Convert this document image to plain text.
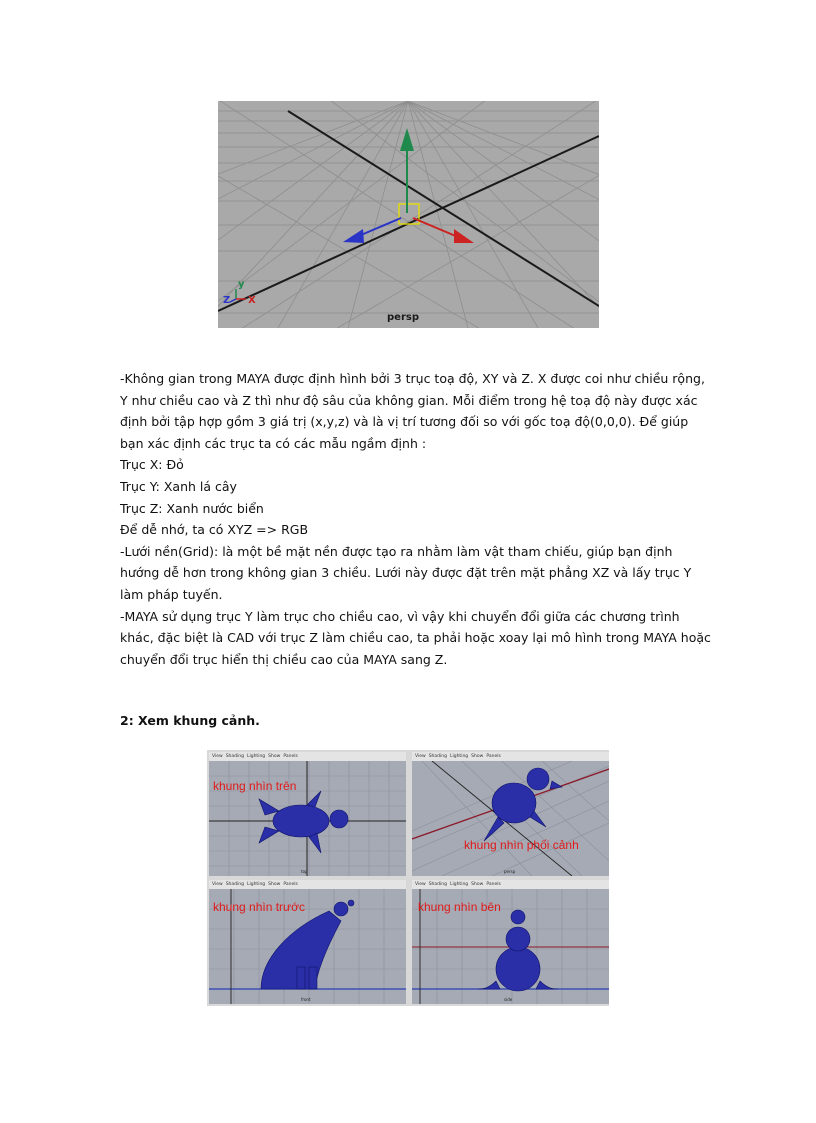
y
X
Z
persp

-Không gian trong MAYA được định hình bởi 3 trục toạ độ, XY và Z. X được coi như chiều rộng,

Y như chiều cao và Z thì như độ sâu của không gian. Mỗi điểm trong hệ toạ độ này được xác

định bởi tập hợp gồm 3 giá trị (x,y,z) và là vị trí tương đối so với gốc toạ độ(0,0,0). Để giúp

bạn xác định các trục ta có các mẫu ngầm định :

Trục X: Đỏ

Trục Y: Xanh lá cây

Trục Z: Xanh nước biển

Để dễ nhớ, ta có XYZ => RGB

-Lưới nền(Grid): là một bề mặt nền được tạo ra nhằm làm vật tham chiếu, giúp bạn định

hướng dễ hơn trong không gian 3 chiều. Lưới này được đặt trên mặt phẳng XZ và lấy trục Y

làm pháp tuyến.

-MAYA sử dụng trục Y làm trục cho chiều cao, vì vậy khi chuyển đổi giữa các chương trình

khác, đặc biệt là CAD với trục Z làm chiều cao, ta phải hoặc xoay lại mô hình trong MAYA hoặc

chuyển đổi trục hiển thị chiều cao của MAYA sang Z.

2: Xem khung cảnh.
View Shading Lighting Show Panels
khung nhìn trên
top
View Shading Lighting Show Panels
khung nhìn phối cảnh
persp
View Shading Lighting Show Panels
khung nhìn trước
front
View Shading Lighting Show Panels
khung nhìn bên
side
